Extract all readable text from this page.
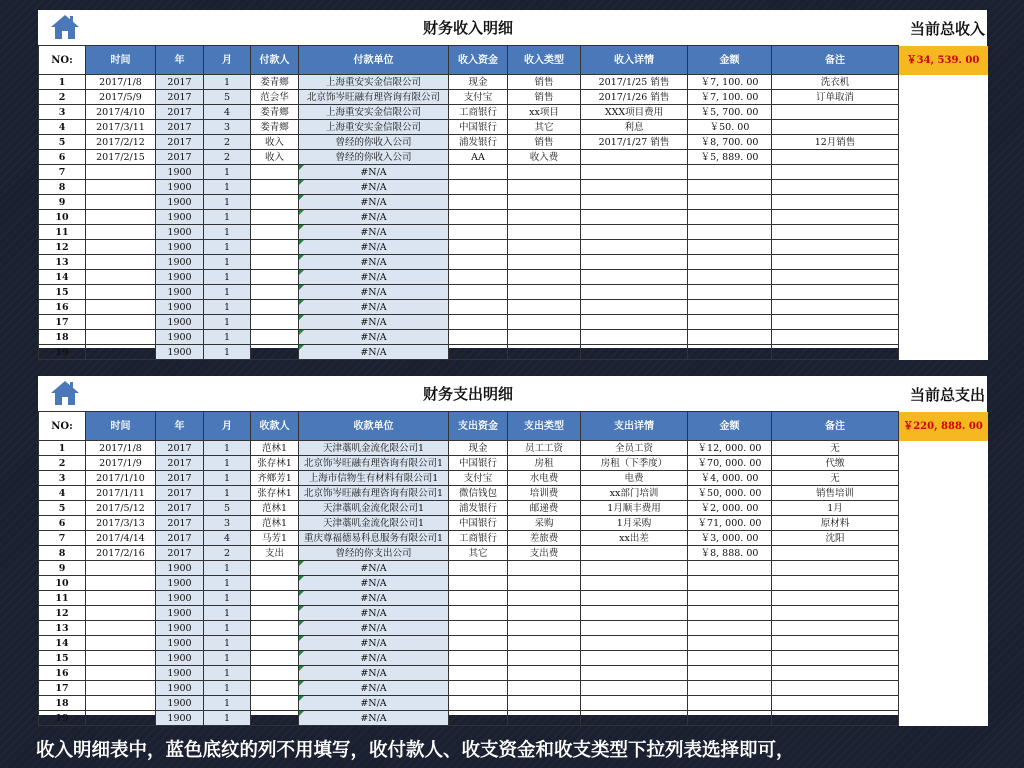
财务收入明细	当前总收入
NO:	时间	年	月	付款人	付款单位	收入资金	收入类型	收入详情	金额	备注	￥34, 539. 00
1	2017/1/8	2017	1	娄青鄉	上海重安实金信限公司	现金	销售	2017/1/25 销售	￥7, 100. 00	洗衣机	
2	2017/5/9	2017	5	范会华	北京饰岑旺融有理咨询有限公司	支付宝	销售	2017/1/26 销售	￥7, 100. 00	订单取消	
3	2017/4/10	2017	4	娄青鄉	上海重安实金信限公司	工商银行	xx项目	XXX项目费用	￥5, 700. 00		
4	2017/3/11	2017	3	娄青鄉	上海重安实金信限公司	中国银行	其它	利息	￥50. 00		
5	2017/2/12	2017	2	收入	曾经的你收入公司	浦发银行	销售	2017/1/27 销售	￥8, 700. 00	12月销售	
6	2017/2/15	2017	2	收入	曾经的你收入公司	AA	收入费		￥5, 889. 00		
7		1900	1		#N/A						
8		1900	1		#N/A						
9		1900	1		#N/A						
10		1900	1		#N/A						
11		1900	1		#N/A						
12		1900	1		#N/A						
13		1900	1		#N/A						
14		1900	1		#N/A						
15		1900	1		#N/A						
16		1900	1		#N/A						
17		1900	1		#N/A						
18		1900	1		#N/A						
19		1900	1		#N/A						
财务支出明细	当前总支出
NO:	时间	年	月	收款人	收款单位	支出资金	支出类型	支出详情	金额	备注	￥220, 888. 00
1	2017/1/8	2017	1	范林1	天津藁叽金流化限公司1	现金	员工工资	全员工资	￥12, 000. 00	无	
2	2017/1/9	2017	1	张存林1	北京饰岑旺融有理咨询有限公司1	中国银行	房租	房租（下季度）	￥70, 000. 00	代缴	
3	2017/1/10	2017	1	齐鄉芳1	上海市信物生有材料有限公司1	支付宝	水电费	电费	￥4, 000. 00	无	
4	2017/1/11	2017	1	张存林1	北京饰岑旺融有理咨询有限公司1	微信钱包	培训费	xx部门培训	￥50, 000. 00	销售培训	
5	2017/5/12	2017	5	范林1	天津藁叽金流化限公司1	浦发银行	邮递费	1月顺丰费用	￥2, 000. 00	1月	
6	2017/3/13	2017	3	范林1	天津藁叽金流化限公司1	中国银行	采购	1月采购	￥71, 000. 00	原材料	
7	2017/4/14	2017	4	马芳1	重庆尊福德易科息服务有限公司1	工商银行	差旅费	xx出差	￥3, 000. 00	沈阳	
8	2017/2/16	2017	2	支出	曾经的你支出公司	其它	支出费		￥8, 888. 00		
9		1900	1		#N/A						
10		1900	1		#N/A						
11		1900	1		#N/A						
12		1900	1		#N/A						
13		1900	1		#N/A						
14		1900	1		#N/A						
15		1900	1		#N/A						
16		1900	1		#N/A						
17		1900	1		#N/A						
18		1900	1		#N/A						
19		1900	1		#N/A						
收入明细表中，蓝色底纹的列不用填写，收付款人、收支资金和收支类型下拉列表选择即可，
